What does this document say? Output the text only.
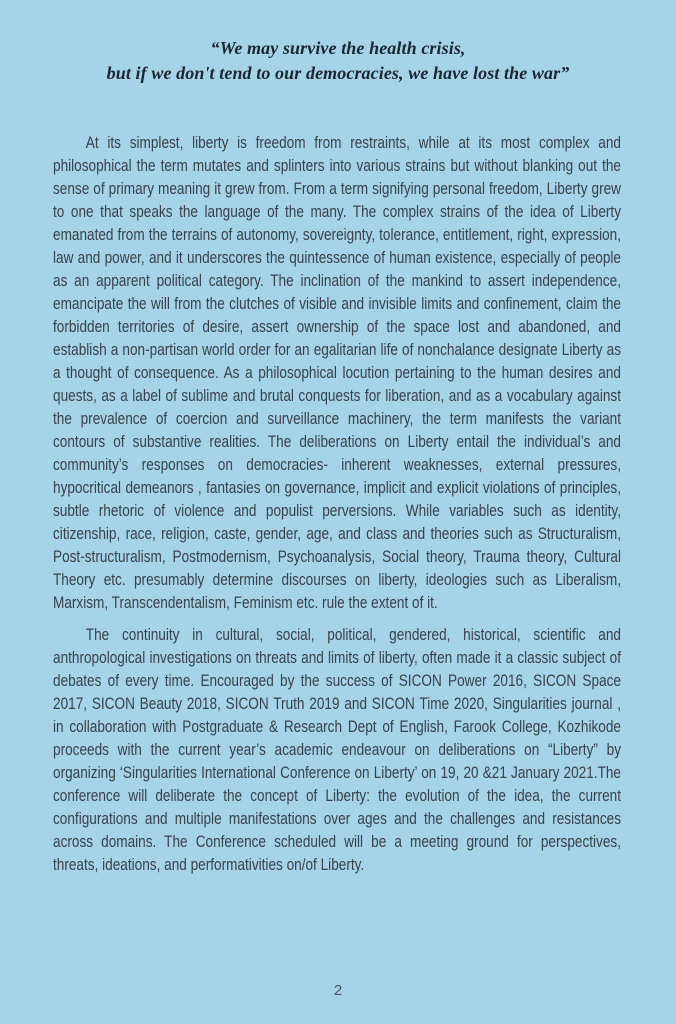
“We may survive the health crisis,
but if we don't tend to our democracies, we have lost the war”

At its simplest, liberty is freedom from restraints, while at its most complex and philosophical the term mutates and splinters into various strains but without blanking out the sense of primary meaning it grew from. From a term signifying personal freedom, Liberty grew to one that speaks the language of the many. The complex strains of the idea of Liberty emanated from the terrains of autonomy, sovereignty, tolerance, entitlement, right, expression, law and power, and it underscores the quintessence of human existence, especially of people as an apparent political category. The inclination of the mankind to assert independence, emancipate the will from the clutches of visible and invisible limits and confinement, claim the forbidden territories of desire, assert ownership of the space lost and abandoned, and establish a non-partisan world order for an egalitarian life of nonchalance designate Liberty as a thought of consequence. As a philosophical locution pertaining to the human desires and quests, as a label of sublime and brutal conquests for liberation, and as a vocabulary against the prevalence of coercion and surveillance machinery, the term manifests the variant contours of substantive realities. The deliberations on Liberty entail the individual’s and community’s responses on democracies- inherent weaknesses, external pressures, hypocritical demeanors , fantasies on governance, implicit and explicit violations of principles, subtle rhetoric of violence and populist perversions. While variables such as identity, citizenship, race, religion, caste, gender, age, and class and theories such as Structuralism, Post-structuralism, Postmodernism, Psychoanalysis, Social theory, Trauma theory, Cultural Theory etc. presumably determine discourses on liberty, ideologies such as Liberalism, Marxism, Transcendentalism, Feminism etc. rule the extent of it.

The continuity in cultural, social, political, gendered, historical, scientific and anthropological investigations on threats and limits of liberty, often made it a classic subject of debates of every time. Encouraged by the success of SICON Power 2016, SICON Space 2017, SICON Beauty 2018, SICON Truth 2019 and SICON Time 2020, Singularities journal , in collaboration with Postgraduate & Research Dept of English, Farook College, Kozhikode proceeds with the current year’s academic endeavour on deliberations on “Liberty” by organizing ‘Singularities International Conference on Liberty’ on 19, 20 &21 January 2021.The conference will deliberate the concept of Liberty: the evolution of the idea, the current configurations and multiple manifestations over ages and the challenges and resistances across domains. The Conference scheduled will be a meeting ground for perspectives, threats, ideations, and performativities on/of Liberty.

2
